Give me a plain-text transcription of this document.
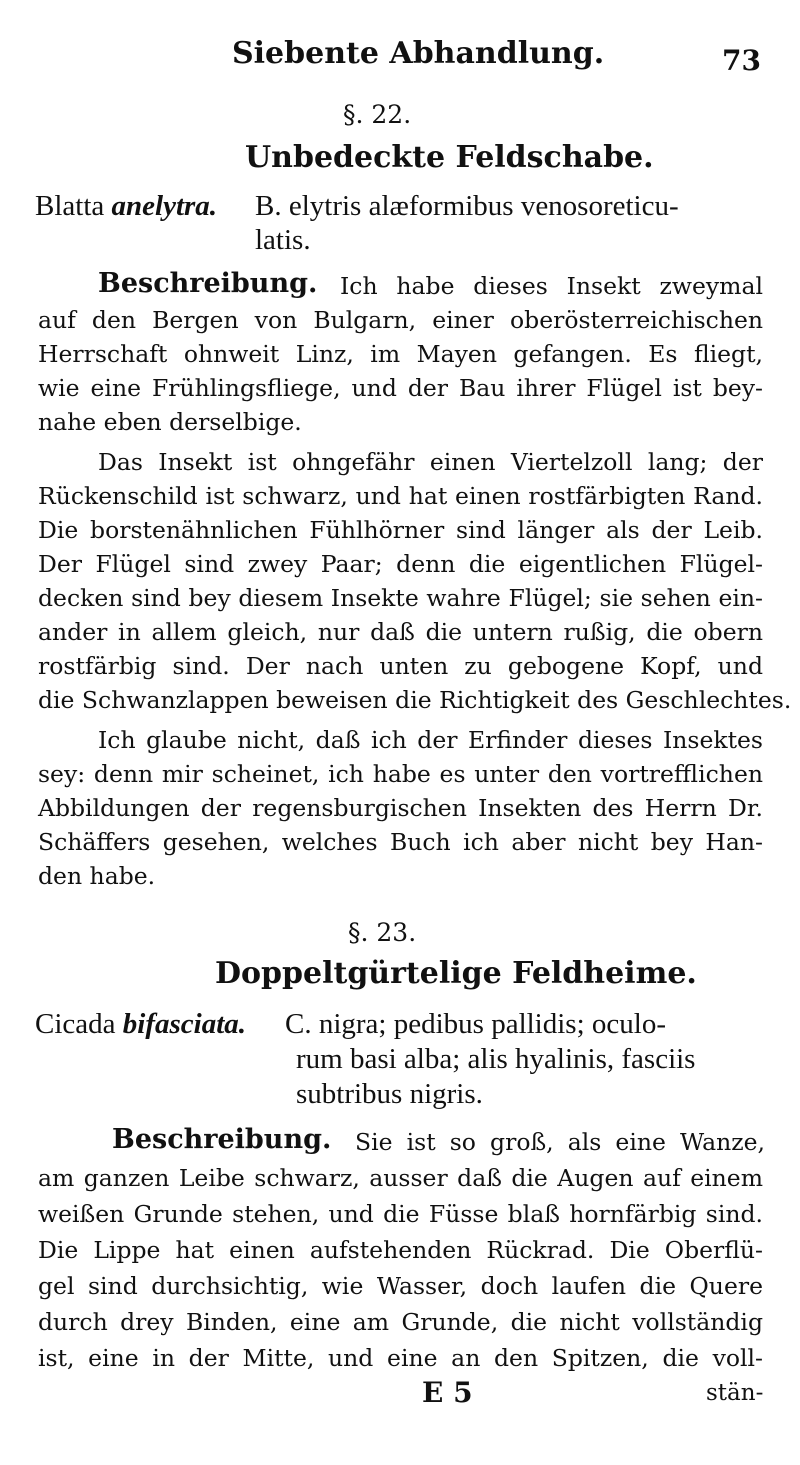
Siebente Abhandlung.	73
§. 22.
Unbedeckte Feldschabe.
Blatta anelytra. B. elytris alæformibus venosoreticu-
latis.
Beschreibung. Ich habe dieses Insekt zweymal
auf den Bergen von Bulgarn, einer oberösterreichischen
Herrschaft ohnweit Linz, im Mayen gefangen. Es fliegt,
wie eine Frühlingsfliege, und der Bau ihrer Flügel ist bey-
nahe eben derselbige.
Das Insekt ist ohngefähr einen Viertelzoll lang; der
Rückenschild ist schwarz, und hat einen rostfärbigten Rand.
Die borstenähnlichen Fühlhörner sind länger als der Leib.
Der Flügel sind zwey Paar; denn die eigentlichen Flügel-
decken sind bey diesem Insekte wahre Flügel; sie sehen ein-
ander in allem gleich, nur daß die untern rußig, die obern
rostfärbig sind. Der nach unten zu gebogene Kopf, und
die Schwanzlappen beweisen die Richtigkeit des Geschlechtes.
Ich glaube nicht, daß ich der Erfinder dieses Insektes
sey: denn mir scheinet, ich habe es unter den vortrefflichen
Abbildungen der regensburgischen Insekten des Herrn Dr.
Schäffers gesehen, welches Buch ich aber nicht bey Han-
den habe.
§. 23.
Doppeltgürtelige Feldheime.
Cicada bifasciata. C. nigra; pedibus pallidis; oculo-
rum basi alba; alis hyalinis, fasciis
subtribus nigris.
Beschreibung. Sie ist so groß, als eine Wanze,
am ganzen Leibe schwarz, ausser daß die Augen auf einem
weißen Grunde stehen, und die Füsse blaß hornfärbig sind.
Die Lippe hat einen aufstehenden Rückrad. Die Oberflü-
gel sind durchsichtig, wie Wasser, doch laufen die Quere
durch drey Binden, eine am Grunde, die nicht vollständig
ist, eine in der Mitte, und eine an den Spitzen, die voll-
E 5	stän-
